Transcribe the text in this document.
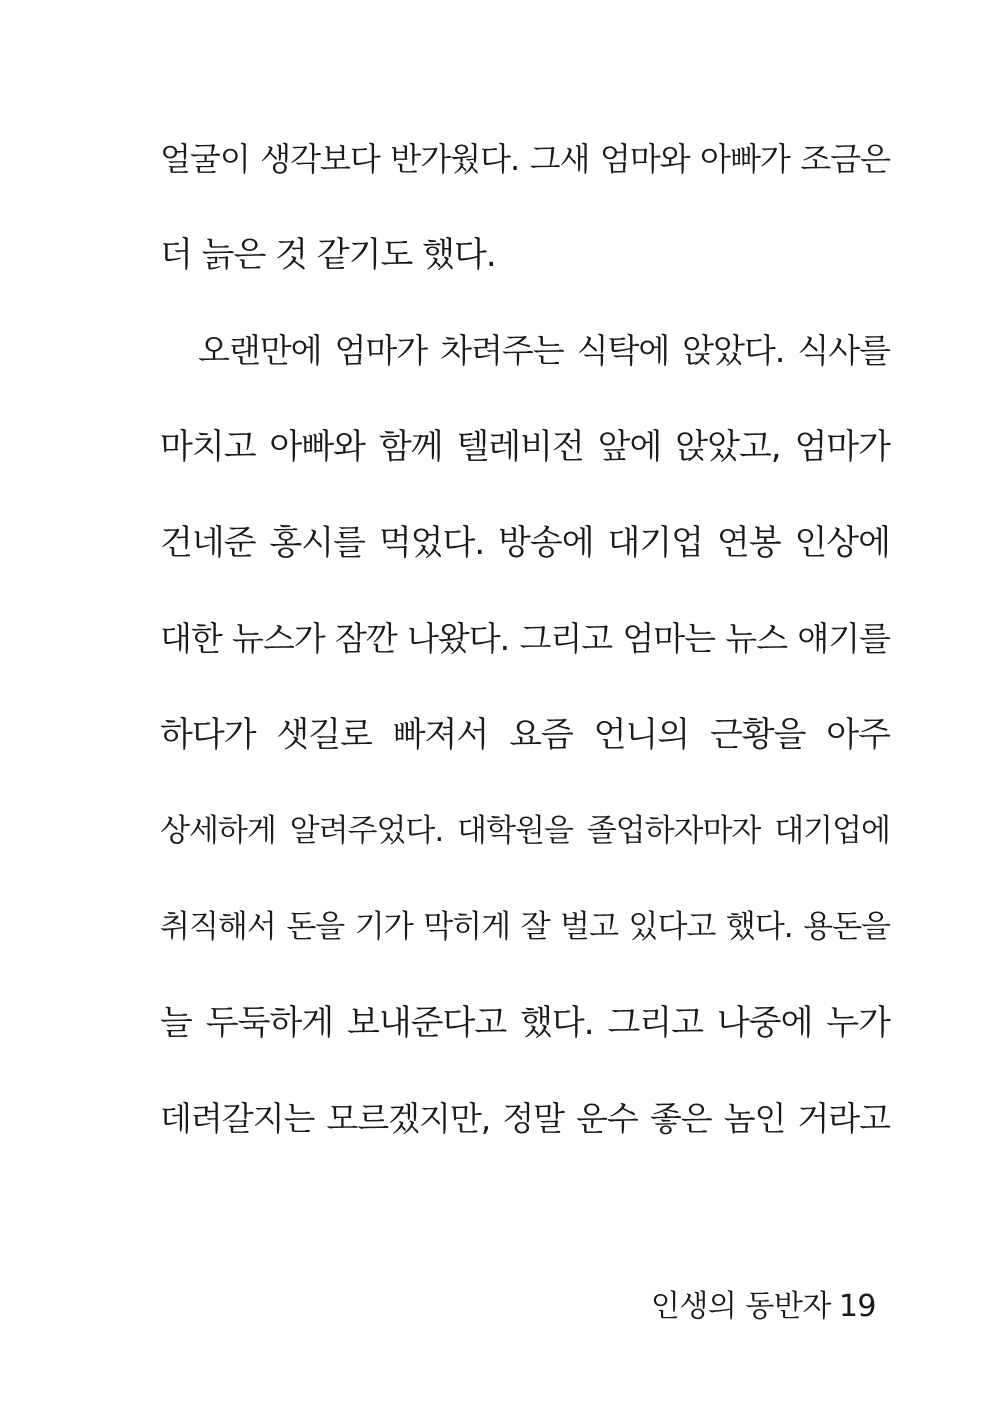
얼굴이 생각보다 반가웠다. 그새 엄마와 아빠가 조금은
더 늙은 것 같기도 했다.
오랜만에 엄마가 차려주는 식탁에 앉았다. 식사를
마치고 아빠와 함께 텔레비전 앞에 앉았고, 엄마가
건네준 홍시를 먹었다. 방송에 대기업 연봉 인상에
대한 뉴스가 잠깐 나왔다. 그리고 엄마는 뉴스 얘기를
하다가 샛길로 빠져서 요즘 언니의 근황을 아주
상세하게 알려주었다. 대학원을 졸업하자마자 대기업에
취직해서 돈을 기가 막히게 잘 벌고 있다고 했다. 용돈을
늘 두둑하게 보내준다고 했다. 그리고 나중에 누가
데려갈지는 모르겠지만, 정말 운수 좋은 놈인 거라고
인생의 동반자 19
